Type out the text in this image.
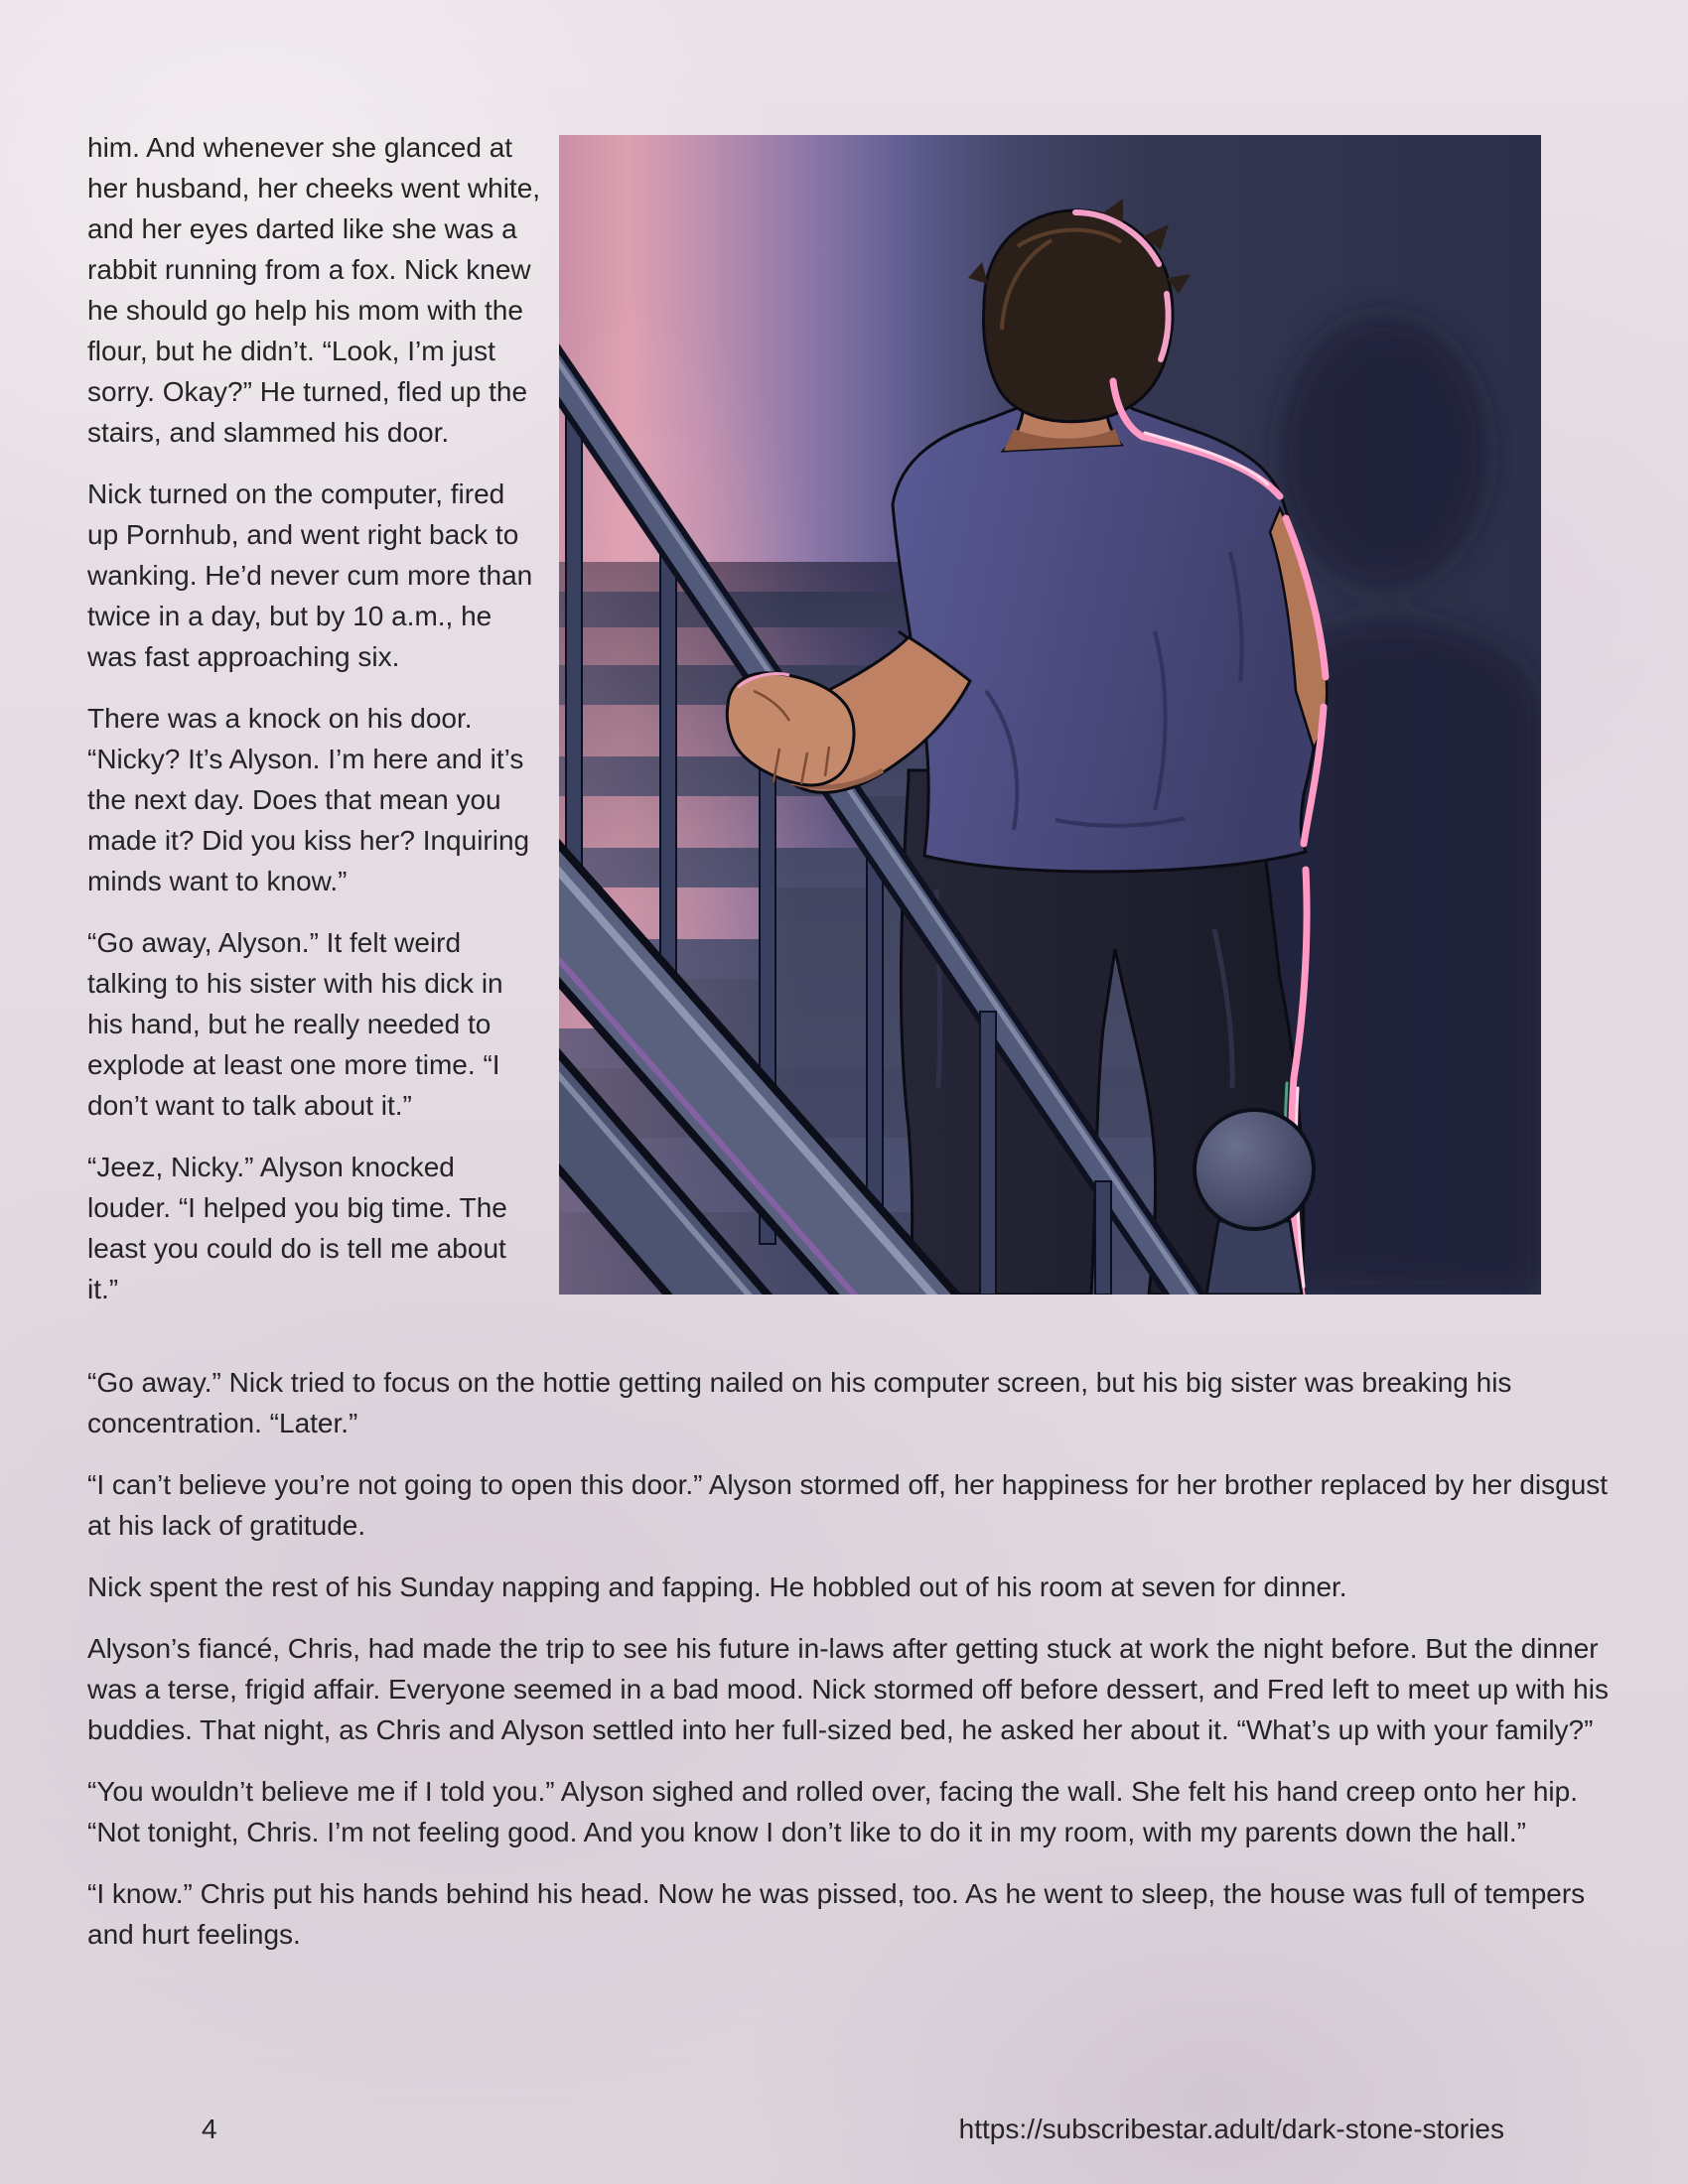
him. And whenever she glanced at her husband, her cheeks went white, and her eyes darted like she was a rabbit running from a fox. Nick knew he should go help his mom with the flour, but he didn’t. “Look, I’m just sorry. Okay?” He turned, fled up the stairs, and slammed his door.

Nick turned on the computer, fired up Pornhub, and went right back to wanking. He’d never cum more than twice in a day, but by 10 a.m., he was fast approaching six.

There was a knock on his door. “Nicky? It’s Alyson. I’m here and it’s the next day. Does that mean you made it? Did you kiss her? Inquiring minds want to know.”

“Go away, Alyson.” It felt weird talking to his sister with his dick in his hand, but he really needed to explode at least one more time. “I don’t want to talk about it.”

“Jeez, Nicky.” Alyson knocked louder. “I helped you big time. The least you could do is tell me about it.”

“Go away.” Nick tried to focus on the hottie getting nailed on his computer screen, but his big sister was breaking his concentration. “Later.”

“I can’t believe you’re not going to open this door.” Alyson stormed off, her happiness for her brother replaced by her disgust at his lack of gratitude.

Nick spent the rest of his Sunday napping and fapping. He hobbled out of his room at seven for dinner.

Alyson’s fiancé, Chris, had made the trip to see his future in-laws after getting stuck at work the night before. But the dinner was a terse, frigid affair. Everyone seemed in a bad mood. Nick stormed off before dessert, and Fred left to meet up with his buddies. That night, as Chris and Alyson settled into her full-sized bed, he asked her about it. “What’s up with your family?”

“You wouldn’t believe me if I told you.” Alyson sighed and rolled over, facing the wall. She felt his hand creep onto her hip. “Not tonight, Chris. I’m not feeling good. And you know I don’t like to do it in my room, with my parents down the hall.”

“I know.” Chris put his hands behind his head. Now he was pissed, too. As he went to sleep, the house was full of tempers and hurt feelings.

4	https://subscribestar.adult/dark-stone-stories
